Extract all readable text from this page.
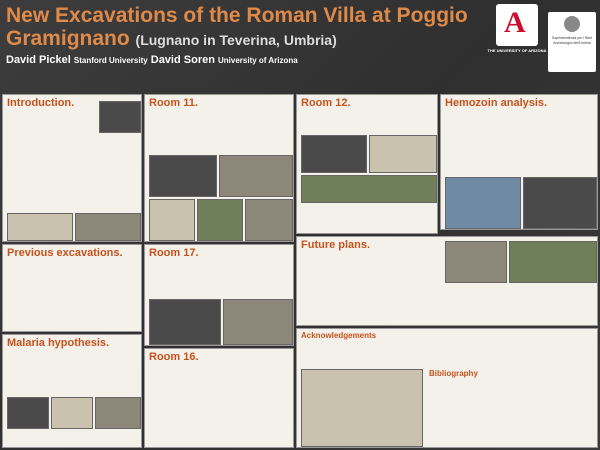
New Excavations of the Roman Villa at Poggio
Gramignano (Lugnano in Teverina, Umbria)
David Pickel Stanford University David Soren University of Arizona
A
THE UNIVERSITY OF ARIZONA
Soprintendenza per i Beni Archeologici dell'Umbria
Introduction.
Previous excavations.
Malaria hypothesis.
Room 11.
Room 17.
Room 16.
Room 12.	Hemozoin analysis.
Future plans.
Acknowledgements
Bibliography
